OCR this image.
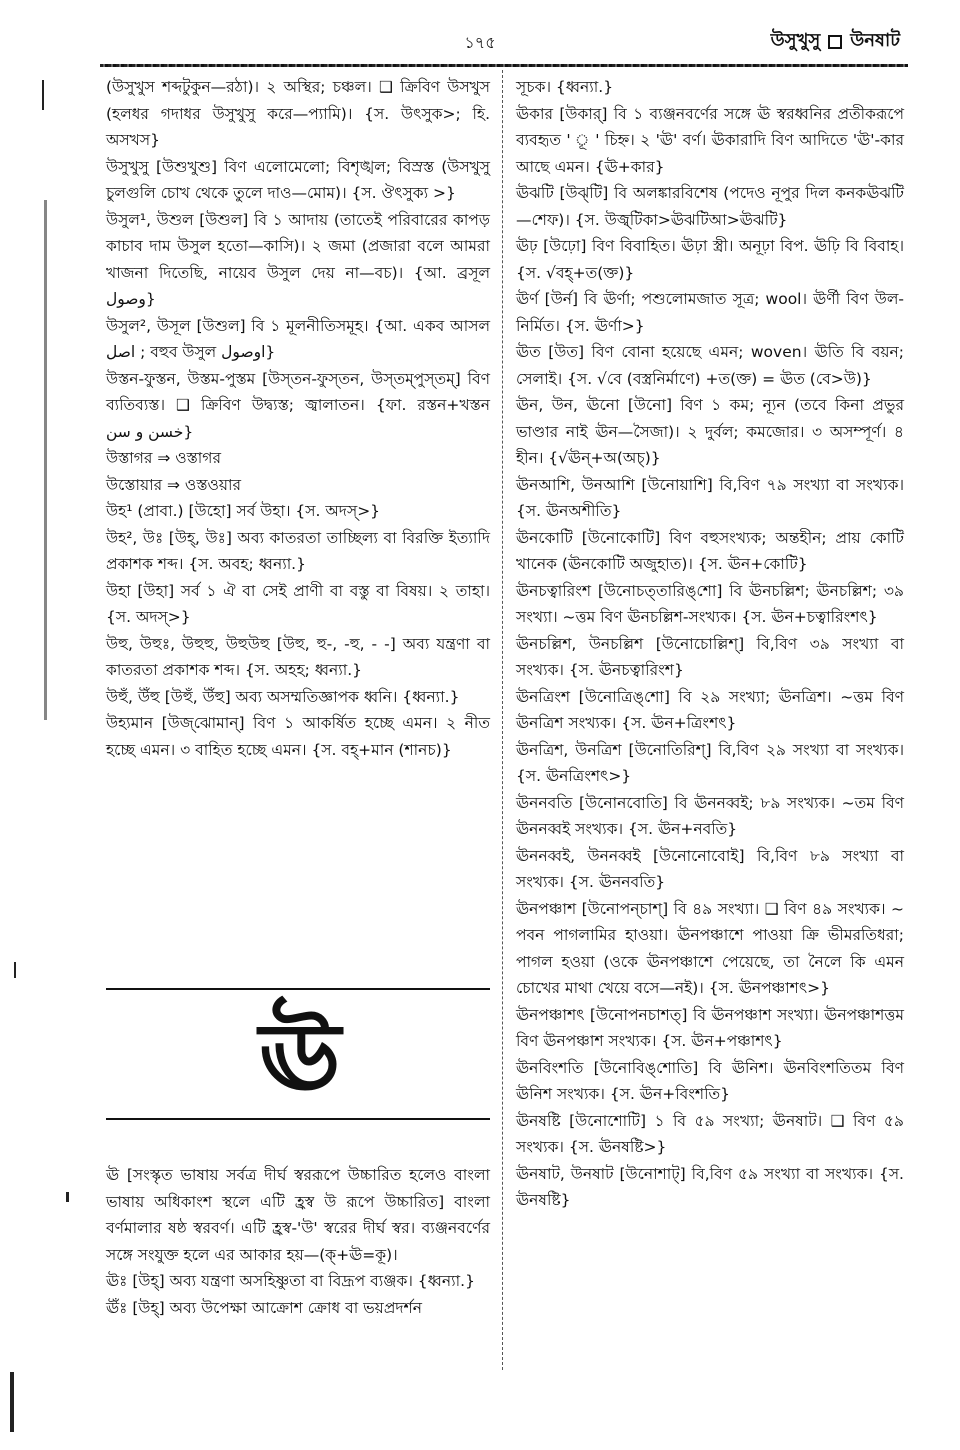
১৭৫	উসুখুসু উনষাট

(উসুখুস শব্দটুকুন—রঠা)। ২ অস্থির; চঞ্চল। ❑ ক্রিবিণ উসখুস (হলধর গদাধর উসুখুসু করে—প্যামি)। {স. উৎসুক>; হি. অসখস}

উসুখুসু [উশুখুশু] বিণ এলোমেলো; বিশৃঙ্খল; বিস্রস্ত (উসখুসু চুলগুলি চোখ থেকে তুলে দাও—মোম)। {স. ঔৎসুক্য >}

উসুল¹, উশুল [উশুল] বি ১ আদায় (তাতেই পরিবারের কাপড় কাচাব দাম উসুল হতো—কাসি)। ২ জমা (প্রজারা বলে আমরা খাজনা দিতেছি, নায়েব উসুল দেয় না—বচ)। {আ. ব্রসূল وصول}

উসুল², উসূল [উশুল] বি ১ মূলনীতিসমূহ। {আ. একব আসল اصل ; বহুব উসুল اوصول}

উস্তন-ফুস্তন, উস্তম-পুস্তম [উস্‌তন-ফুস্‌তন, উস্‌তম্‌পুস্‌তম্] বিণ ব্যতিব্যস্ত। ❑ ক্রিবিণ উদ্ব্যস্ত; জ্বালাতন। {ফা. রস্তন+খস্তন خسن و سن}

উস্তাগর ⇒ ওস্তাগর

উস্তোয়ার ⇒ ওস্তওয়ার

উহ¹ (প্রাবা.) [উহো] সর্ব উহা। {স. অদস্>}

উহ², উঃ [উহ্, উঃ] অব্য কাতরতা তাচ্ছিল্য বা বিরক্তি ইত্যাদি প্রকাশক শব্দ। {স. অবহ; ধ্বন্যা.}

উহা [উহা] সর্ব ১ ঐ বা সেই প্রাণী বা বস্তু বা বিষয়। ২ তাহা। {স. অদস্>}

উহু, উহুঃ, উহুহু, উহুউহু [উহু, হু-, -হু, - -] অব্য যন্ত্রণা বা কাতরতা প্রকাশক শব্দ। {স. অহহ; ধ্বন্যা.}

উহুঁ, উঁহু [উহুঁ, উঁহু] অব্য অসম্মতিজ্ঞাপক ধ্বনি। {ধ্বন্যা.}

উহ্যমান [উজ্‌ঝোমান্] বিণ ১ আকর্ষিত হচ্ছে এমন। ২ নীত হচ্ছে এমন। ৩ বাহিত হচ্ছে এমন। {স. বহ্+মান (শানচ)}

ঊ

ঊ [সংস্কৃত ভাষায় সর্বত্র দীর্ঘ স্বররূপে উচ্চারিত হলেও বাংলা ভাষায় অধিকাংশ স্থলে এটি হ্রস্ব উ রূপে উচ্চারিত] বাংলা বর্ণমালার ষষ্ঠ স্বরবর্ণ। এটি হ্রস্ব-'উ' স্বরের দীর্ঘ স্বর। ব্যঞ্জনবর্ণের সঙ্গে সংযুক্ত হলে এর আকার হয়—(ক্+ঊ=কূ)।

ঊঃ [উহ্] অব্য যন্ত্রণা অসহিষ্ণুতা বা বিদ্রূপ ব্যঞ্জক। {ধ্বন্যা.}

ঊঁঃ [উহ্] অব্য উপেক্ষা আক্রোশ ক্রোধ বা ভয়প্রদর্শন

সূচক। {ধ্বন্যা.}

ঊকার [উকার্] বি ১ ব্যঞ্জনবর্ণের সঙ্গে ঊ স্বরধ্বনির প্রতীকরূপে ব্যবহৃত ' ূ ' চিহ্ন। ২ 'ঊ' বর্ণ। ঊকারাদি বিণ আদিতে 'ঊ'-কার আছে এমন। {ঊ+কার}

ঊঝটি [উঝ্‌টি] বি অলঙ্কারবিশেষ (পদেও নূপুর দিল কনকঊঝটি—শেফ)। {স. উজ্ব্‌টিকা>ঊঝটিআ>ঊঝটি}

ঊঢ় [উঢ়ো] বিণ বিবাহিত। ঊঢ়া স্ত্রী। অনূঢ়া বিপ. ঊঢ়ি বি বিবাহ। {স. √বহ্+ত(ক্ত)}

ঊর্ণ [উর্ন] বি ঊর্ণা; পশুলোমজাত সূত্র; wool। ঊর্ণী বিণ উল-নির্মিত। {স. ঊর্ণা>}

ঊত [উত] বিণ বোনা হয়েছে এমন; woven। ঊতি বি বয়ন; সেলাই। {স. √বে (বস্ত্রনির্মাণে) +ত(ক্ত) = ঊত (বে>উ)}

ঊন, উন, ঊনো [উনো] বিণ ১ কম; ন্যূন (তবে কিনা প্রভুর ভাণ্ডার নাই ঊন—সৈজা)। ২ দুর্বল; কমজোর। ৩ অসম্পূর্ণ। ৪ হীন। {√ঊন্+অ(অচ্)}

ঊনআশি, উনআশি [উনোয়াশি] বি,বিণ ৭৯ সংখ্যা বা সংখ্যক। {স. ঊনঅশীতি}

ঊনকোটি [উনোকোটি] বিণ বহুসংখ্যক; অন্তহীন; প্রায় কোটি খানেক (ঊনকোটি অজুহাত)। {স. ঊন+কোটি}

ঊনচত্বারিংশ [উনোচত্‌তারিঙ্‌শো] বি ঊনচল্লিশ; ঊনচল্লিশ; ৩৯ সংখ্যা। ~ত্তম বিণ ঊনচল্লিশ-সংখ্যক। {স. ঊন+চত্বারিংশৎ}

ঊনচল্লিশ, উনচল্লিশ [উনোচোল্লিশ্] বি,বিণ ৩৯ সংখ্যা বা সংখ্যক। {স. ঊনচত্বারিংশ}

ঊনত্রিংশ [উনোত্রিঙ্‌শো] বি ২৯ সংখ্যা; ঊনত্রিশ। ~ত্তম বিণ ঊনত্রিশ সংখ্যক। {স. ঊন+ত্রিংশৎ}

ঊনত্রিশ, উনত্রিশ [উনোতিরিশ্] বি,বিণ ২৯ সংখ্যা বা সংখ্যক। {স. ঊনত্রিংশৎ>}

ঊননবতি [উনোনবোতি] বি ঊননব্বই; ৮৯ সংখ্যক। ~তম বিণ ঊননব্বই সংখ্যক। {স. ঊন+নবতি}

ঊননব্বই, উননব্বই [উনোনোবোই] বি,বিণ ৮৯ সংখ্যা বা সংখ্যক। {স. ঊননবতি}

ঊনপঞ্চাশ [উনোপন্‌চাশ্] বি ৪৯ সংখ্যা। ❑ বিণ ৪৯ সংখ্যক। ~ পবন পাগলামির হাওয়া। ঊনপঞ্চাশে পাওয়া ক্রি ভীমরতিধরা; পাগল হওয়া (ওকে ঊনপঞ্চাশে পেয়েছে, তা নৈলে কি এমন চোখের মাথা খেয়ে বসে—নই)। {স. ঊনপঞ্চাশৎ>}

ঊনপঞ্চাশৎ [উনোপনচাশত্] বি ঊনপঞ্চাশ সংখ্যা। ঊনপঞ্চাশত্তম বিণ ঊনপঞ্চাশ সংখ্যক। {স. ঊন+পঞ্চাশৎ}

ঊনবিংশতি [উনোবিঙ্‌শোতি] বি ঊনিশ। ঊনবিংশতিতম বিণ ঊনিশ সংখ্যক। {স. ঊন+বিংশতি}

ঊনষষ্টি [উনোশোটি] ১ বি ৫৯ সংখ্যা; ঊনষাট। ❑ বিণ ৫৯ সংখ্যক। {স. ঊনষষ্টি>}

ঊনষাট, উনষাট [উনোশাট্] বি,বিণ ৫৯ সংখ্যা বা সংখ্যক। {স. ঊনষষ্টি}
